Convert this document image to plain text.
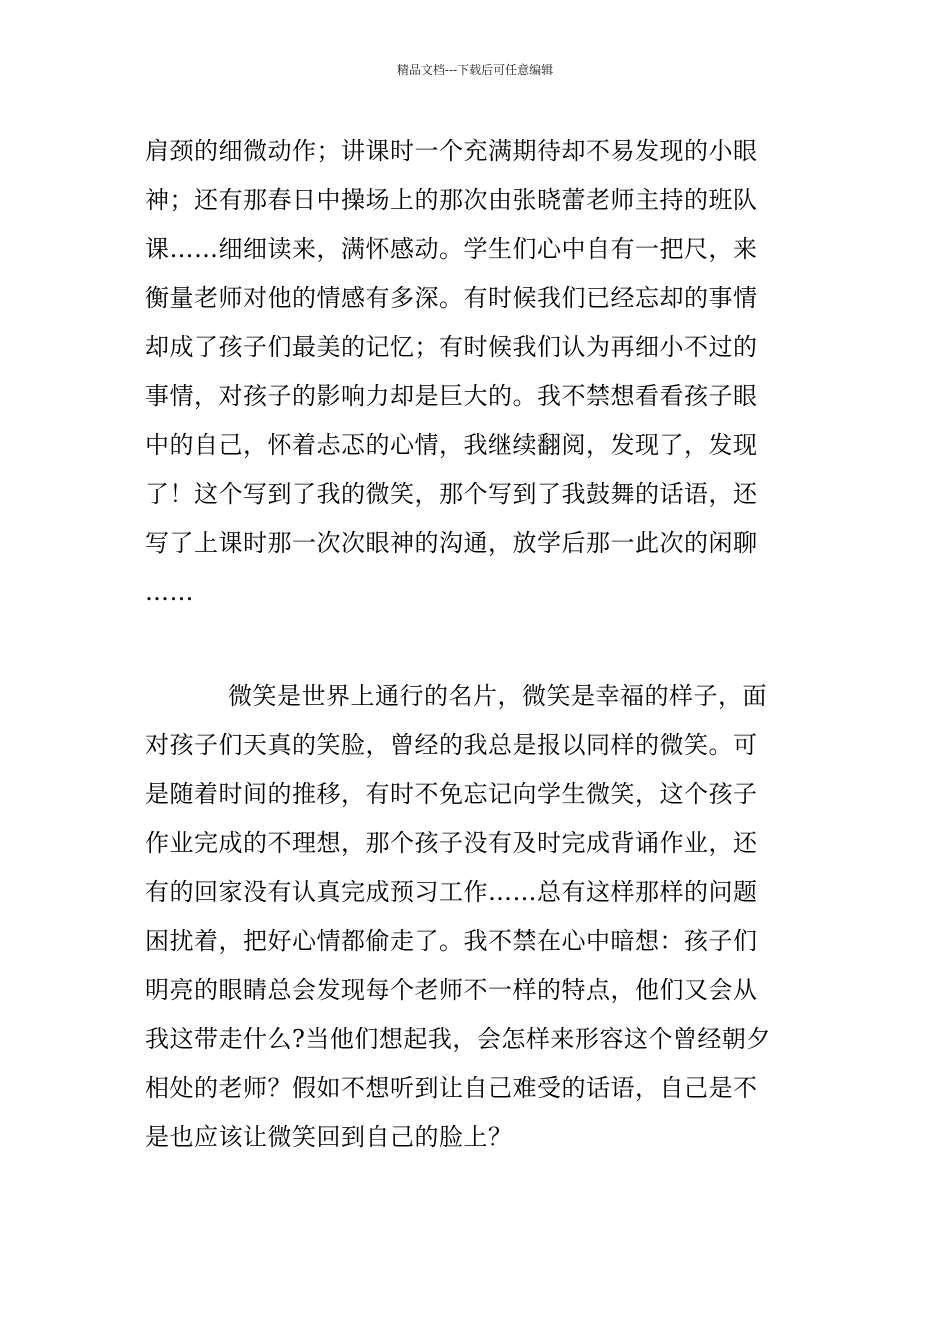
精品文档---下载后可任意编辑
肩颈的细微动作；讲课时一个充满期待却不易发现的小眼
神；还有那春日中操场上的那次由张晓蕾老师主持的班队
课……细细读来，满怀感动。学生们心中自有一把尺，来
衡量老师对他的情感有多深。有时候我们已经忘却的事情
却成了孩子们最美的记忆；有时候我们认为再细小不过的
事情，对孩子的影响力却是巨大的。我不禁想看看孩子眼
中的自己，怀着忐忑的心情，我继续翻阅，发现了，发现
了！这个写到了我的微笑，那个写到了我鼓舞的话语，还
写了上课时那一次次眼神的沟通，放学后那一此次的闲聊
……
微笑是世界上通行的名片，微笑是幸福的样子，面
对孩子们天真的笑脸，曾经的我总是报以同样的微笑。可
是随着时间的推移，有时不免忘记向学生微笑，这个孩子
作业完成的不理想，那个孩子没有及时完成背诵作业，还
有的回家没有认真完成预习工作……总有这样那样的问题
困扰着，把好心情都偷走了。我不禁在心中暗想：孩子们
明亮的眼睛总会发现每个老师不一样的特点，他们又会从
我这带走什么?当他们想起我，会怎样来形容这个曾经朝夕
相处的老师？假如不想听到让自己难受的话语，自己是不
是也应该让微笑回到自己的脸上？
